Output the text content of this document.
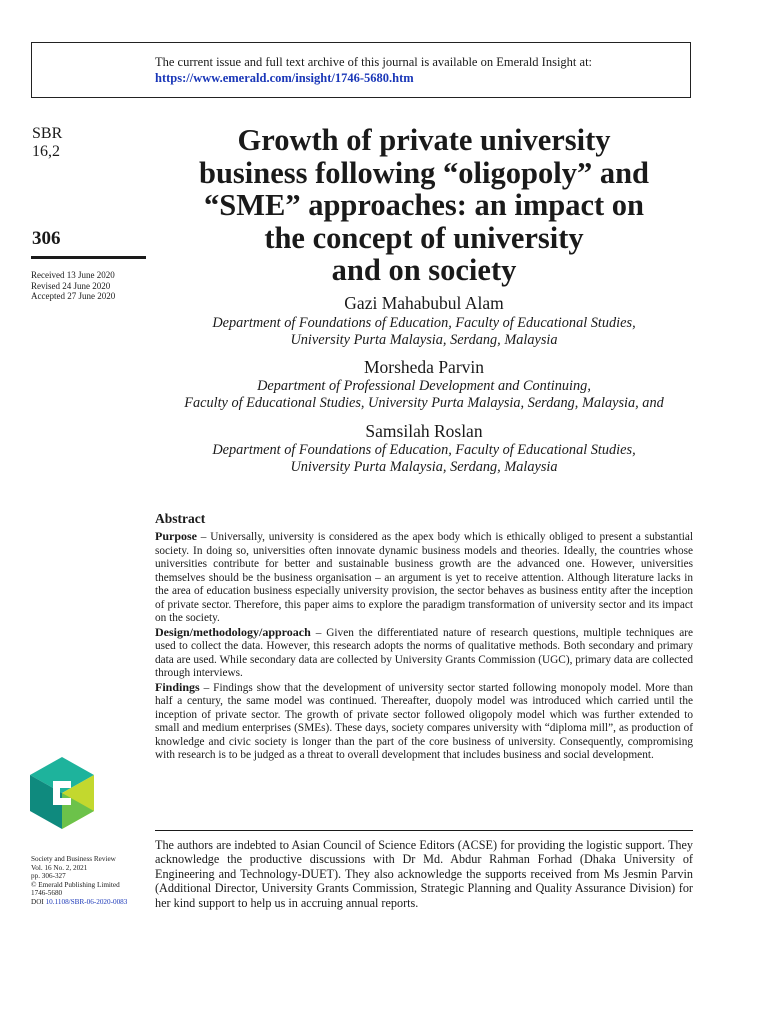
The current issue and full text archive of this journal is available on Emerald Insight at:
https://www.emerald.com/insight/1746-5680.htm
SBR
16,2
306
Received 13 June 2020
Revised 24 June 2020
Accepted 27 June 2020
Growth of private university
business following “oligopoly” and
“SME” approaches: an impact on
the concept of university
and on society
Gazi Mahabubul Alam
Department of Foundations of Education, Faculty of Educational Studies,
University Purta Malaysia, Serdang, Malaysia
Morsheda Parvin
Department of Professional Development and Continuing,
Faculty of Educational Studies, University Purta Malaysia, Serdang, Malaysia, and
Samsilah Roslan
Department of Foundations of Education, Faculty of Educational Studies,
University Purta Malaysia, Serdang, Malaysia
Abstract

Purpose – Universally, university is considered as the apex body which is ethically obliged to present a substantial society. In doing so, universities often innovate dynamic business models and theories. Ideally, the countries whose universities contribute for better and sustainable business growth are the advanced one. However, universities themselves should be the business organisation – an argument is yet to receive attention. Although literature lacks in the area of education business especially university provision, the sector behaves as business entity after the inception of private sector. Therefore, this paper aims to explore the paradigm transformation of university sector and its impact on the society.

Design/methodology/approach – Given the differentiated nature of research questions, multiple techniques are used to collect the data. However, this research adopts the norms of qualitative methods. Both secondary and primary data are used. While secondary data are collected by University Grants Commission (UGC), primary data are collected through interviews.

Findings – Findings show that the development of university sector started following monopoly model. More than half a century, the same model was continued. Thereafter, duopoly model was introduced which carried until the inception of private sector. The growth of private sector followed oligopoly model which was further extended to small and medium enterprises (SMEs). These days, society compares university with “diploma mill”, as production of knowledge and civic society is longer than the part of the core business of university. Consequently, compromising with research is to be judged as a threat to overall development that includes business and social development.

The authors are indebted to Asian Council of Science Editors (ACSE) for providing the logistic support. They acknowledge the productive discussions with Dr Md. Abdur Rahman Forhad (Dhaka University of Engineering and Technology-DUET). They also acknowledge the supports received from Ms Jesmin Parvin (Additional Director, University Grants Commission, Strategic Planning and Quality Assurance Division) for her kind support to help us in accruing annual reports.
Society and Business Review
Vol. 16 No. 2, 2021
pp. 306-327
© Emerald Publishing Limited
1746-5680
DOI 10.1108/SBR-06-2020-0083
